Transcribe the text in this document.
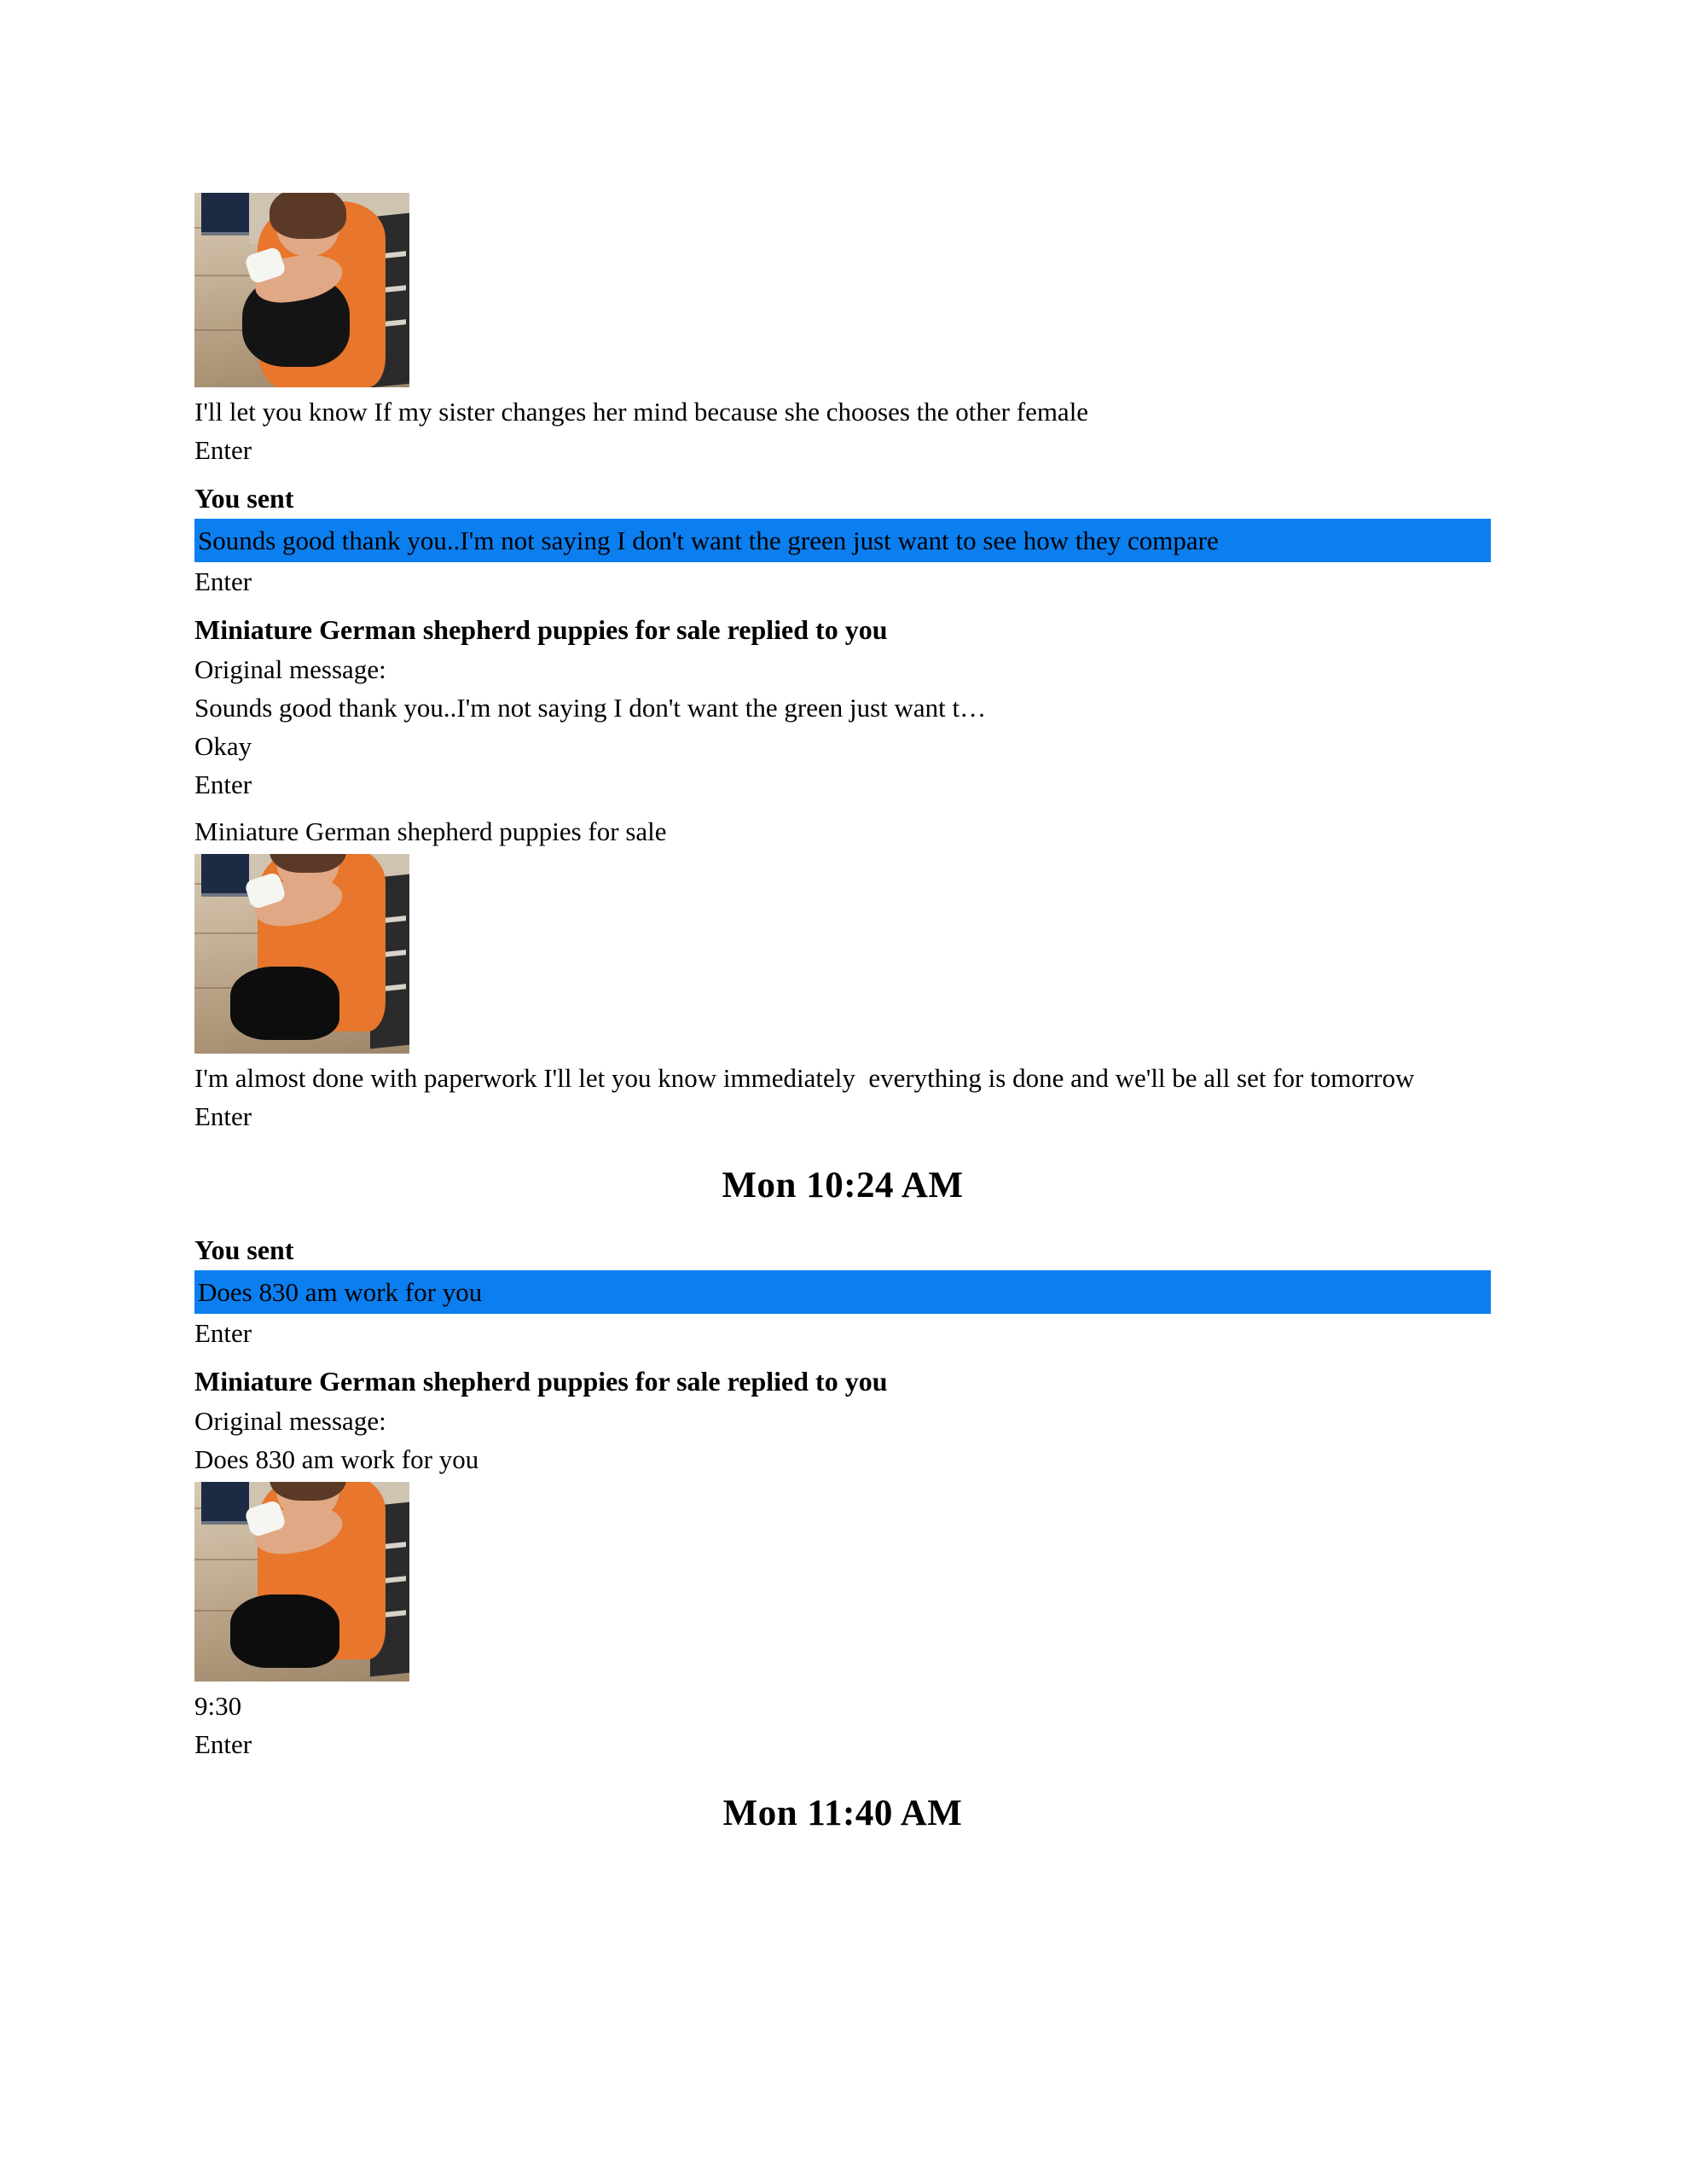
I'll let you know If my sister changes her mind because she chooses the other female
Enter
You sent
Sounds good thank you..I'm not saying I don't want the green just want to see how they compare
Enter
Miniature German shepherd puppies for sale replied to you
Original message:
Sounds good thank you..I'm not saying I don't want the green just want t…
Okay
Enter
Miniature German shepherd puppies for sale
I'm almost done with paperwork I'll let you know immediately  everything is done and we'll be all set for tomorrow
Enter
Mon 10:24 AM
You sent
Does 830 am work for you
Enter
Miniature German shepherd puppies for sale replied to you
Original message:
Does 830 am work for you
9:30
Enter
Mon 11:40 AM
